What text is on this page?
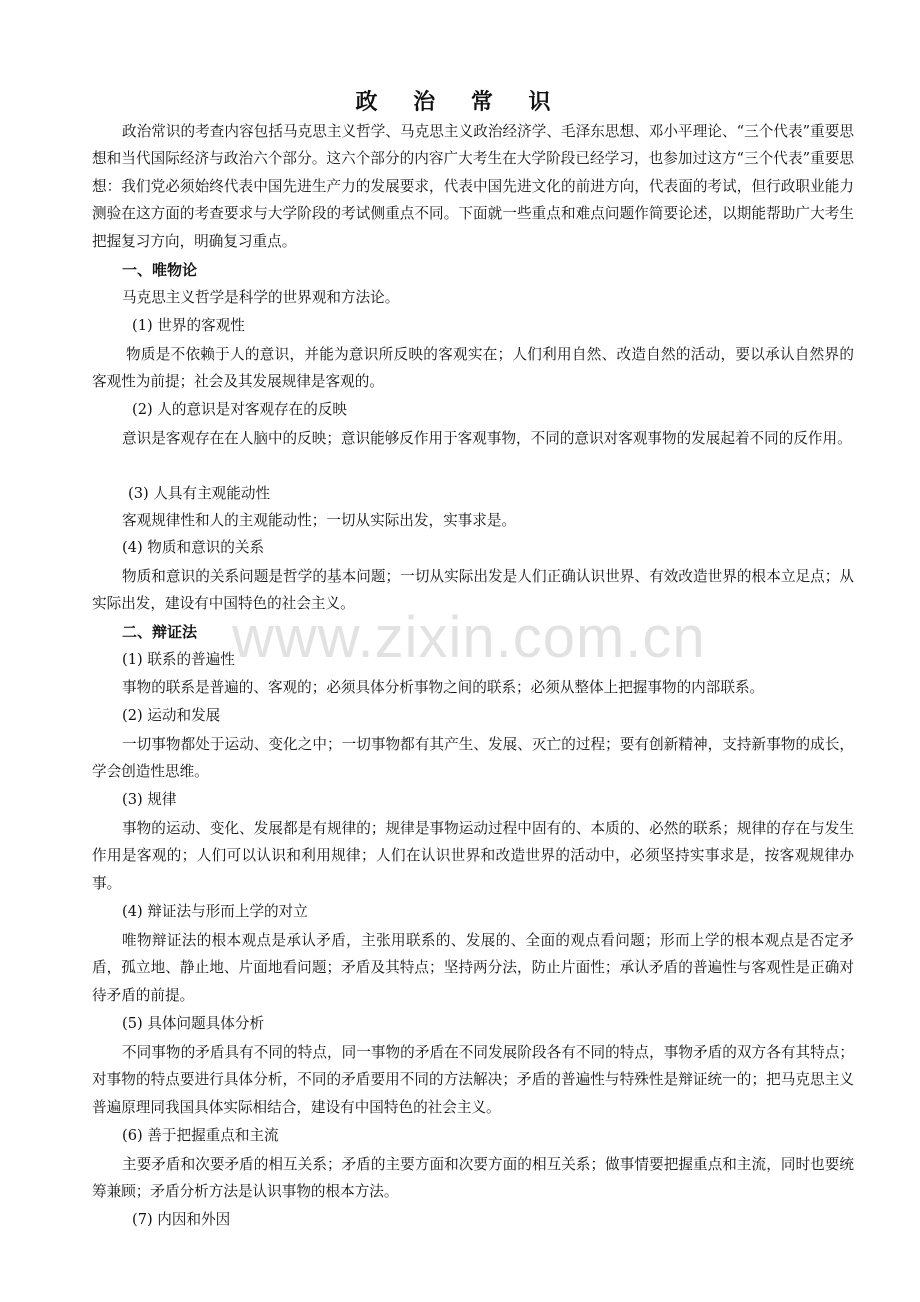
政 治 常 识
政治常识的考查内容包括马克思主义哲学、马克思主义政治经济学、毛泽东思想、邓小平理论、“三个代表”重要思想和当代国际经济与政治六个部分。这六个部分的内容广大考生在大学阶段已经学习，也参加过这方“三个代表”重要思想：我们党必须始终代表中国先进生产力的发展要求，代表中国先进文化的前进方向，代表面的考试，但行政职业能力测验在这方面的考查要求与大学阶段的考试侧重点不同。下面就一些重点和难点问题作简要论述，以期能帮助广大考生把握复习方向，明确复习重点。
一、唯物论
马克思主义哲学是科学的世界观和方法论。
(1) 世界的客观性
物质是不依赖于人的意识，并能为意识所反映的客观实在；人们利用自然、改造自然的活动，要以承认自然界的客观性为前提；社会及其发展规律是客观的。
(2) 人的意识是对客观存在的反映
意识是客观存在在人脑中的反映；意识能够反作用于客观事物，不同的意识对客观事物的发展起着不同的反作用。
(3) 人具有主观能动性
客观规律性和人的主观能动性；一切从实际出发，实事求是。
(4) 物质和意识的关系
物质和意识的关系问题是哲学的基本问题；一切从实际出发是人们正确认识世界、有效改造世界的根本立足点；从实际出发，建设有中国特色的社会主义。
二、辩证法
(1) 联系的普遍性
事物的联系是普遍的、客观的；必须具体分析事物之间的联系；必须从整体上把握事物的内部联系。
(2) 运动和发展
一切事物都处于运动、变化之中；一切事物都有其产生、发展、灭亡的过程；要有创新精神，支持新事物的成长，学会创造性思维。
(3) 规律
事物的运动、变化、发展都是有规律的；规律是事物运动过程中固有的、本质的、必然的联系；规律的存在与发生作用是客观的；人们可以认识和利用规律；人们在认识世界和改造世界的活动中，必须坚持实事求是，按客观规律办事。
(4) 辩证法与形而上学的对立
唯物辩证法的根本观点是承认矛盾，主张用联系的、发展的、全面的观点看问题；形而上学的根本观点是否定矛盾，孤立地、静止地、片面地看问题；矛盾及其特点；坚持两分法，防止片面性；承认矛盾的普遍性与客观性是正确对待矛盾的前提。
(5) 具体问题具体分析
不同事物的矛盾具有不同的特点，同一事物的矛盾在不同发展阶段各有不同的特点，事物矛盾的双方各有其特点；对事物的特点要进行具体分析，不同的矛盾要用不同的方法解决；矛盾的普遍性与特殊性是辩证统一的；把马克思主义普遍原理同我国具体实际相结合，建设有中国特色的社会主义。
(6) 善于把握重点和主流
主要矛盾和次要矛盾的相互关系；矛盾的主要方面和次要方面的相互关系；做事情要把握重点和主流，同时也要统筹兼顾；矛盾分析方法是认识事物的根本方法。
(7) 内因和外因
www.zixin.com.cn
